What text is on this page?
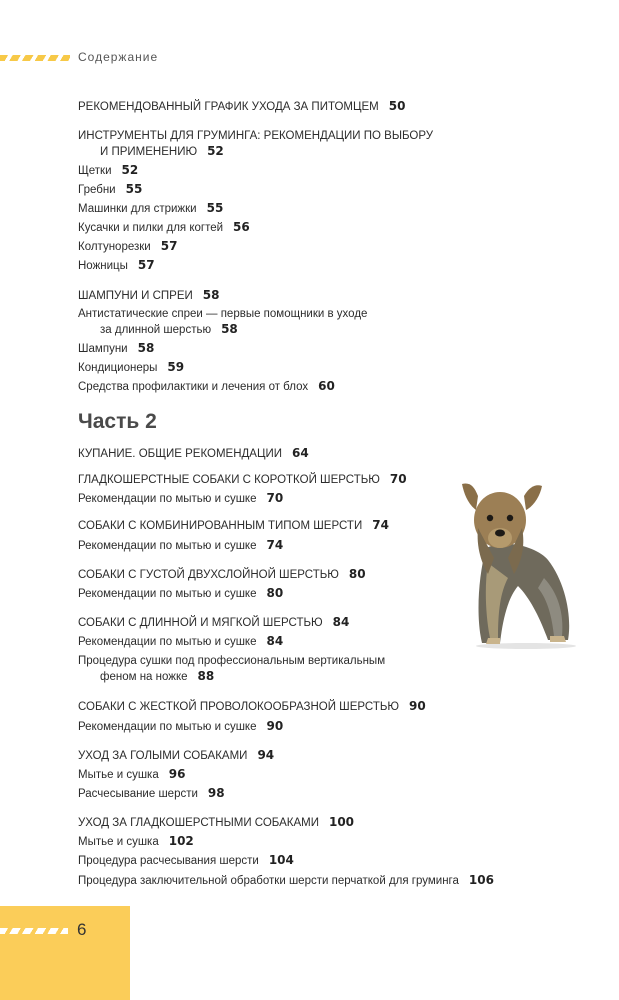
Содержание
РЕКОМЕНДОВАННЫЙ ГРАФИК УХОДА ЗА ПИТОМЦЕМ 50
ИНСТРУМЕНТЫ ДЛЯ ГРУМИНГА: РЕКОМЕНДАЦИИ ПО ВЫБОРУ
И ПРИМЕНЕНИЮ 52
Щетки 52
Гребни 55
Машинки для стрижки 55
Кусачки и пилки для когтей 56
Колтунорезки 57
Ножницы 57
ШАМПУНИ И СПРЕИ 58
Антистатические спреи — первые помощники в уходе
за длинной шерстью 58
Шампуни 58
Кондиционеры 59
Средства профилактики и лечения от блох 60
КУПАНИЕ. ОБЩИЕ РЕКОМЕНДАЦИИ 64
ГЛАДКОШЕРСТНЫЕ СОБАКИ С КОРОТКОЙ ШЕРСТЬЮ 70
Рекомендации по мытью и сушке 70
СОБАКИ С КОМБИНИРОВАННЫМ ТИПОМ ШЕРСТИ 74
Рекомендации по мытью и сушке 74
СОБАКИ С ГУСТОЙ ДВУХСЛОЙНОЙ ШЕРСТЬЮ 80
Рекомендации по мытью и сушке 80
СОБАКИ С ДЛИННОЙ И МЯГКОЙ ШЕРСТЬЮ 84
Рекомендации по мытью и сушке 84
Процедура сушки под профессиональным вертикальным
феном на ножке 88
СОБАКИ С ЖЕСТКОЙ ПРОВОЛОКООБРАЗНОЙ ШЕРСТЬЮ 90
Рекомендации по мытью и сушке 90
УХОД ЗА ГОЛЫМИ СОБАКАМИ 94
Мытье и сушка 96
Расчесывание шерсти 98
УХОД ЗА ГЛАДКОШЕРСТНЫМИ СОБАКАМИ 100
Мытье и сушка 102
Процедура расчесывания шерсти 104
Процедура заключительной обработки шерсти перчаткой для груминга 106
Часть 2
6
